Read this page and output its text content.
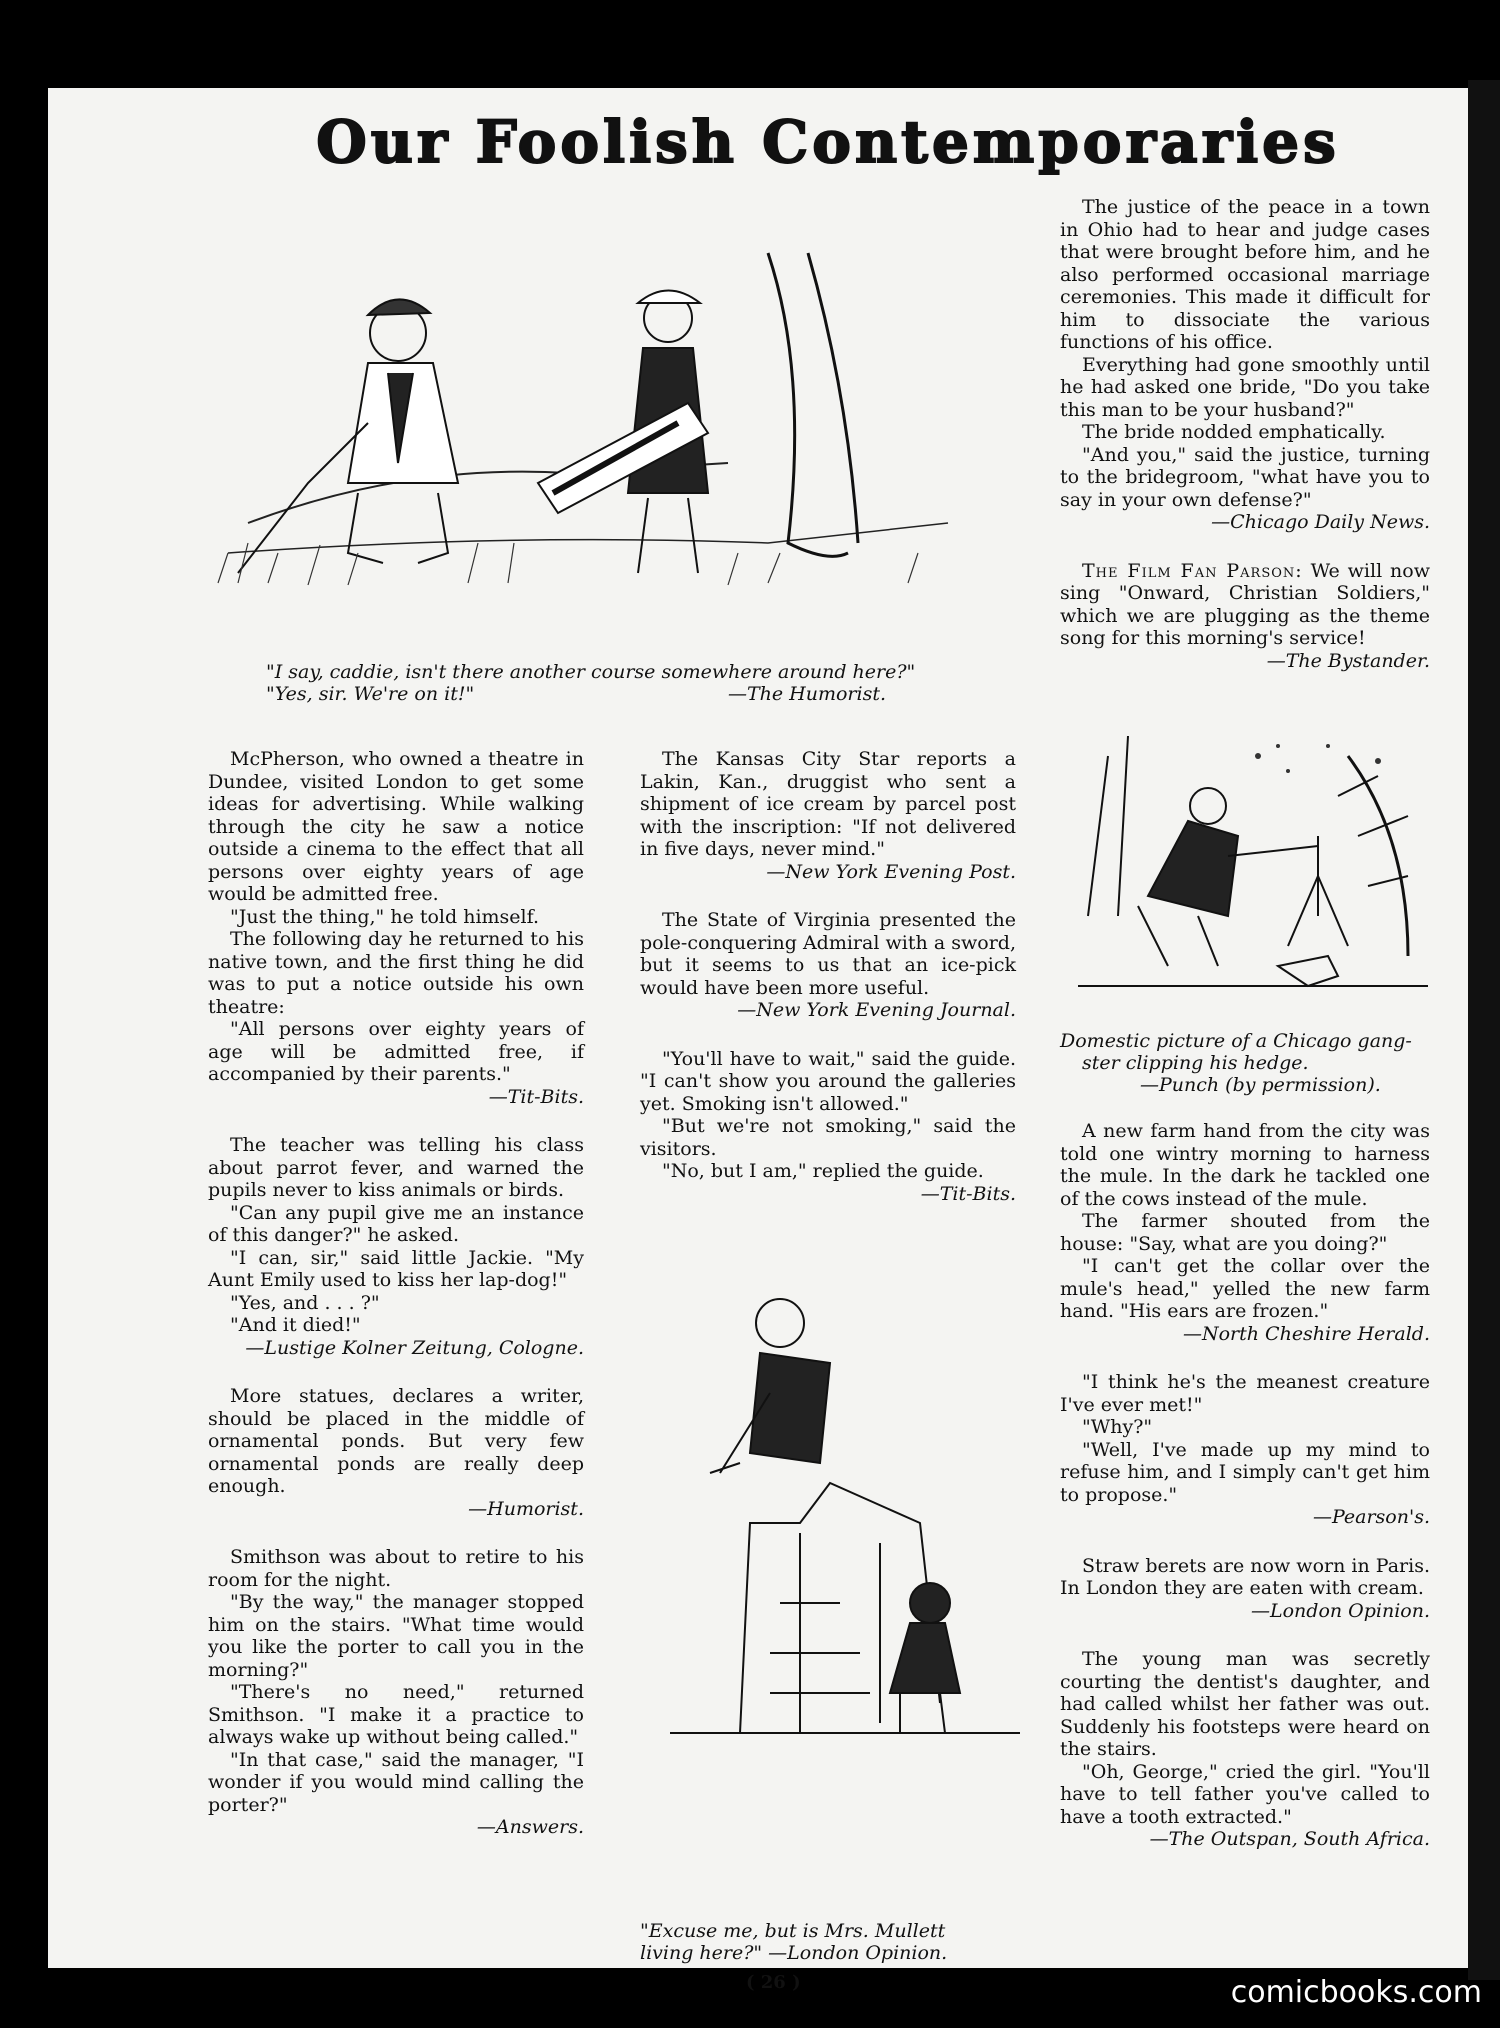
Our Foolish Contemporaries
"I say, caddie, isn't there another course somewhere around here?"
"Yes, sir. We're on it!"	—The Humorist.

McPherson, who owned a theatre in Dundee, visited London to get some ideas for advertising. While walking through the city he saw a notice outside a cinema to the effect that all persons over eighty years of age would be admitted free.

"Just the thing," he told himself.

The following day he returned to his native town, and the first thing he did was to put a notice outside his own theatre:

"All persons over eighty years of age will be admitted free, if accompanied by their parents."

—Tit-Bits.

The teacher was telling his class about parrot fever, and warned the pupils never to kiss animals or birds.

"Can any pupil give me an instance of this danger?" he asked.

"I can, sir," said little Jackie. "My Aunt Emily used to kiss her lap-dog!"

"Yes, and . . . ?"

"And it died!"

—Lustige Kolner Zeitung, Cologne.

More statues, declares a writer, should be placed in the middle of ornamental ponds. But very few ornamental ponds are really deep enough.

—Humorist.

Smithson was about to retire to his room for the night.

"By the way," the manager stopped him on the stairs. "What time would you like the porter to call you in the morning?"

"There's no need," returned Smithson. "I make it a practice to always wake up without being called."

"In that case," said the manager, "I wonder if you would mind calling the porter?"

—Answers.

The Kansas City Star reports a Lakin, Kan., druggist who sent a shipment of ice cream by parcel post with the inscription: "If not delivered in five days, never mind."

—New York Evening Post.

The State of Virginia presented the pole-conquering Admiral with a sword, but it seems to us that an ice-pick would have been more useful.

—New York Evening Journal.

"You'll have to wait," said the guide. "I can't show you around the galleries yet. Smoking isn't allowed."

"But we're not smoking," said the visitors.

"No, but I am," replied the guide.

—Tit-Bits.

"Excuse me, but is Mrs. Mullett
living here?" —London Opinion.

The justice of the peace in a town in Ohio had to hear and judge cases that were brought before him, and he also performed occasional marriage ceremonies. This made it difficult for him to dissociate the various functions of his office.

Everything had gone smoothly until he had asked one bride, "Do you take this man to be your husband?"

The bride nodded emphatically.

"And you," said the justice, turning to the bridegroom, "what have you to say in your own defense?"

—Chicago Daily News.

The Film Fan Parson: We will now sing "Onward, Christian Soldiers," which we are plugging as the theme song for this morning's service!

—The Bystander.

Domestic picture of a Chicago gang-
ster clipping his hedge.
—Punch (by permission).

A new farm hand from the city was told one wintry morning to harness the mule. In the dark he tackled one of the cows instead of the mule.

The farmer shouted from the house: "Say, what are you doing?"

"I can't get the collar over the mule's head," yelled the new farm hand. "His ears are frozen."

—North Cheshire Herald.

"I think he's the meanest creature I've ever met!"

"Why?"

"Well, I've made up my mind to refuse him, and I simply can't get him to propose."

—Pearson's.

Straw berets are now worn in Paris. In London they are eaten with cream.

—London Opinion.

The young man was secretly courting the dentist's daughter, and had called whilst her father was out. Suddenly his footsteps were heard on the stairs.

"Oh, George," cried the girl. "You'll have to tell father you've called to have a tooth extracted."

—The Outspan, South Africa.

( 26 )	comicbooks.com
